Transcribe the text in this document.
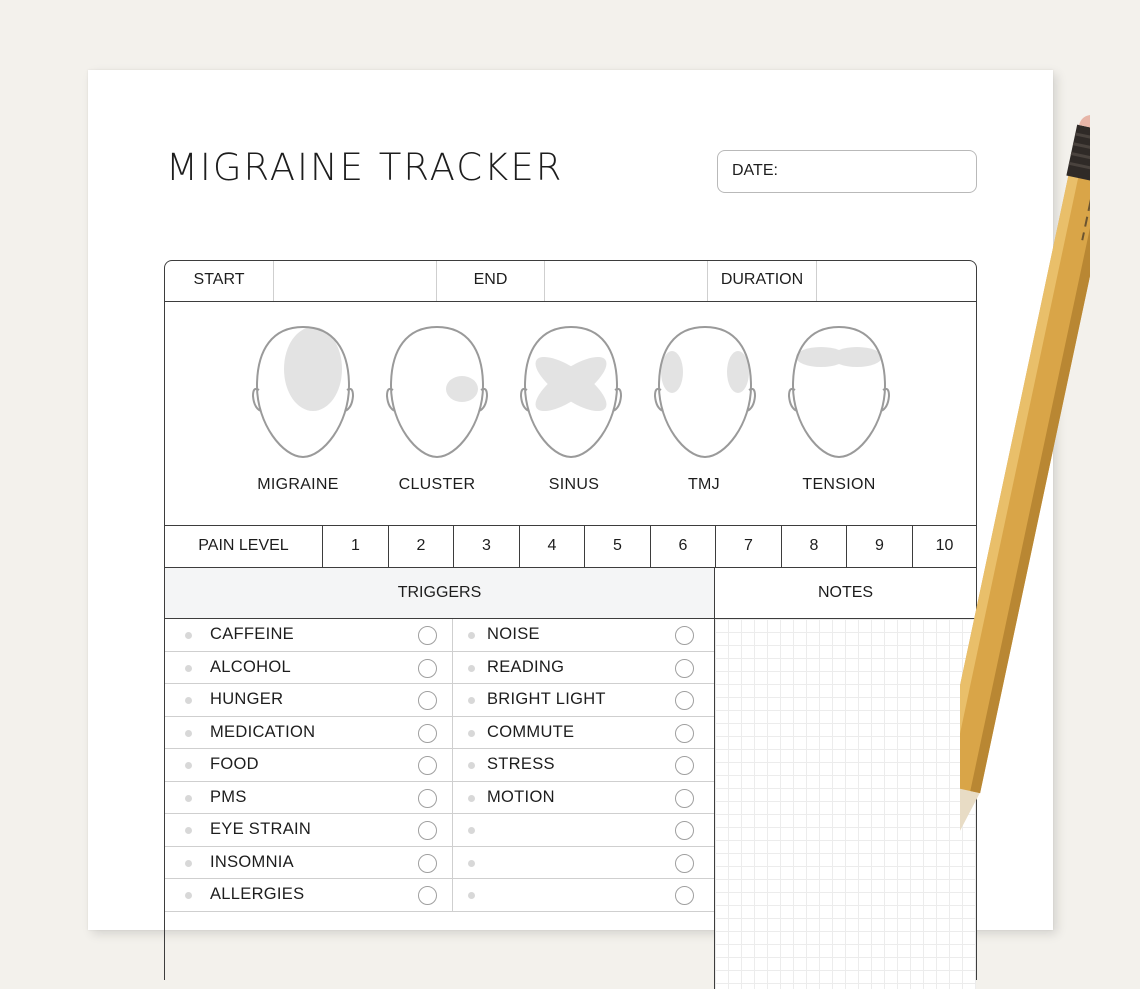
MIGRAINE TRACKER	DATE:
START	END	DURATION
MIGRAINE	CLUSTER	SINUS	TMJ	TENSION
PAIN LEVEL	1	2	3	4	5	6	7	8	9	10
TRIGGERS	NOTES
CAFFEINE	NOISE
ALCOHOL	READING
HUNGER	BRIGHT LIGHT
MEDICATION	COMMUTE
FOOD	STRESS
PMS	MOTION
EYE STRAIN
INSOMNIA
ALLERGIES
